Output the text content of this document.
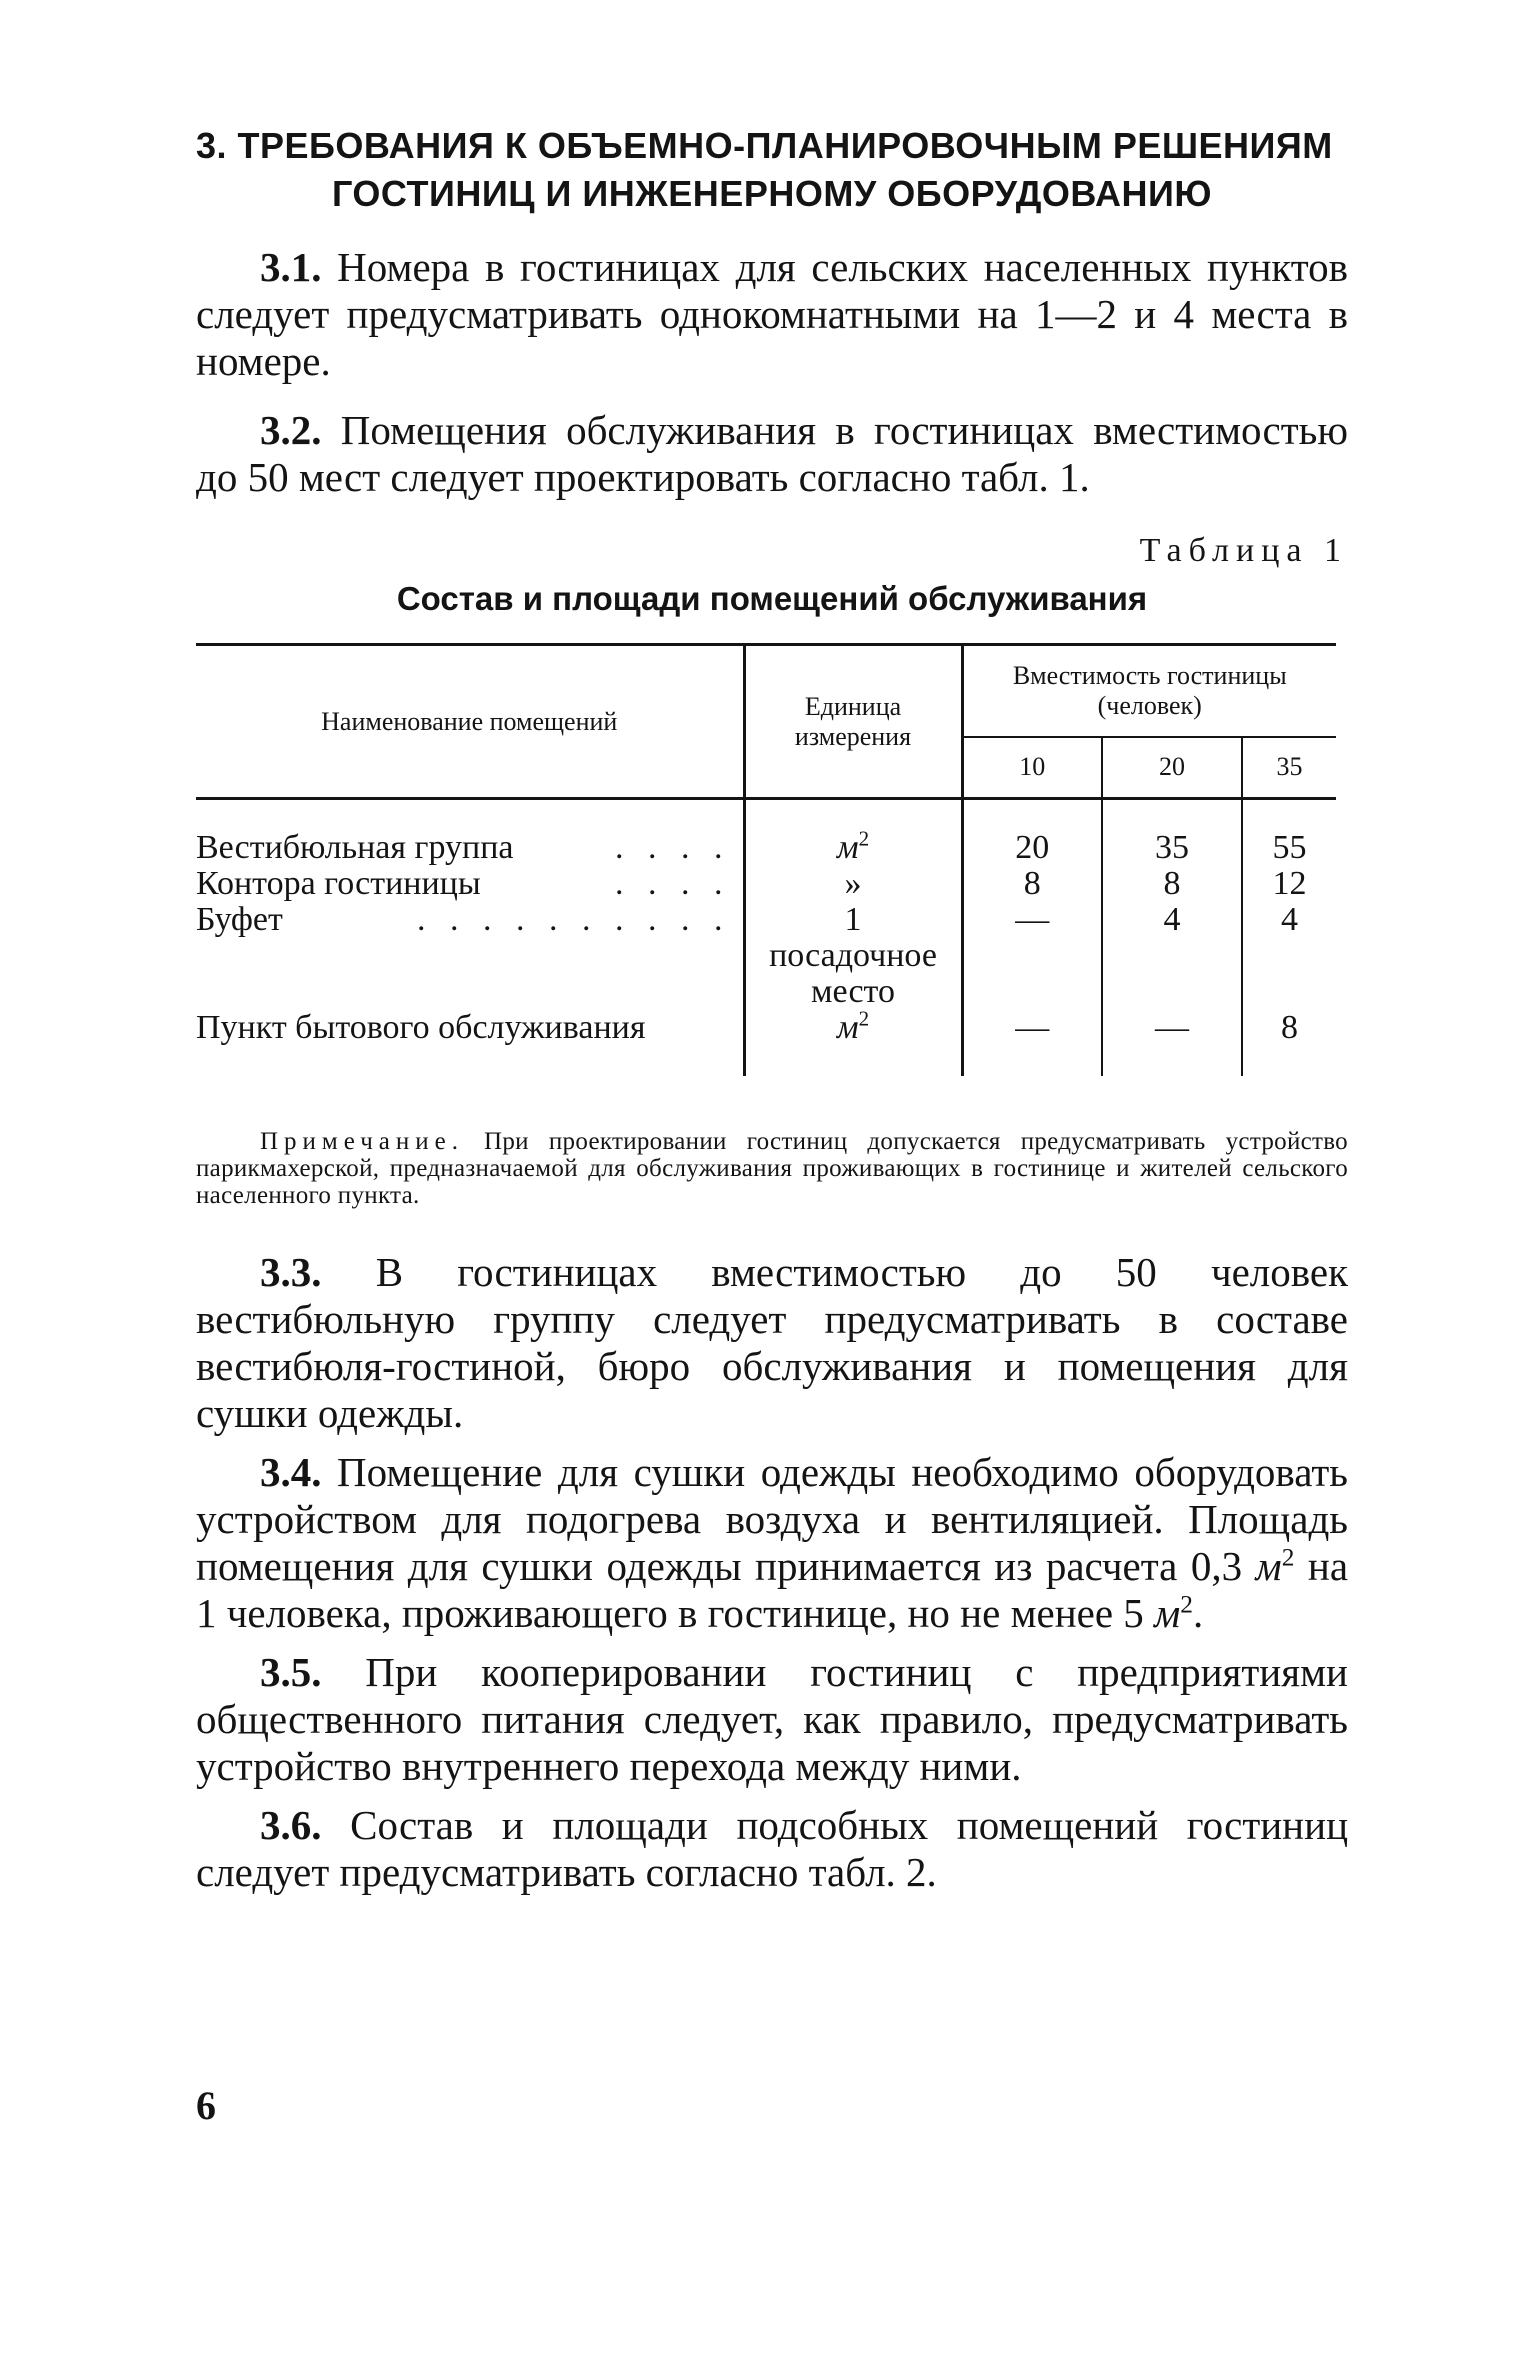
3. ТРЕБОВАНИЯ К ОБЪЕМНО-ПЛАНИРОВОЧНЫМ РЕШЕНИЯМ
ГОСТИНИЦ И ИНЖЕНЕРНОМУ ОБОРУДОВАНИЮ

3.1. Номера в гостиницах для сельских населенных пунктов следует предусматривать однокомнатными на 1—2 и 4 места в номере.

3.2. Помещения обслуживания в гостиницах вместимостью до 50 мест следует проектировать согласно табл. 1.

Таблица 1
Состав и площади помещений обслуживания
Наименование помещений	Единица измерения	Вместимость гостиницы (человек)		
		10	20	35

Вестибюльная группа . . . .	$м^2$	20	35	55

Контора гостиницы . . . .	»	8	8	12

Буфет . . . . . . . . . .	1 посадочное место	—	4	4
Пункт бытового обслуживания	$м^2$	—	—	8

Примечание. При проектировании гостиниц допускается предусматривать устройство парикмахерской, предназначаемой для обслуживания проживающих в гостинице и жителей сельского населенного пункта.

3.3. В гостиницах вместимостью до 50 человек вестибюльную группу следует предусматривать в составе вестибюля-гостиной, бюро обслуживания и помещения для сушки одежды.

3.4. Помещение для сушки одежды необходимо оборудовать устройством для подогрева воздуха и вентиляцией. Площадь помещения для сушки одежды принимается из расчета 0,3 $м^2$ на 1 человека, проживающего в гостинице, но не менее 5 $м^2$.

3.5. При кооперировании гостиниц с предприятиями общественного питания следует, как правило, предусматривать устройство внутреннего перехода между ними.

3.6. Состав и площади подсобных помещений гостиниц следует предусматривать согласно табл. 2.

6
